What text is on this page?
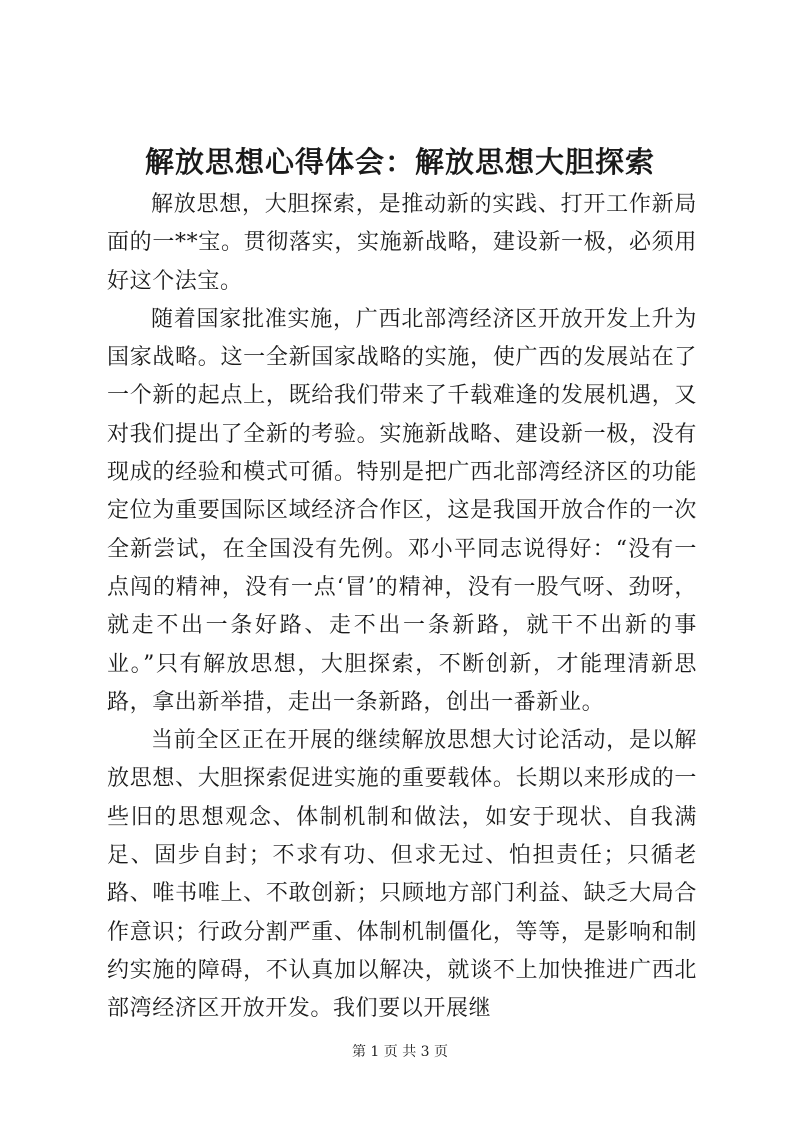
解放思想心得体会：解放思想大胆探索

解放思想，大胆探索，是推动新的实践、打开工作新局面的一**宝。贯彻落实，实施新战略，建设新一极，必须用好这个法宝。

随着国家批准实施，广西北部湾经济区开放开发上升为国家战略。这一全新国家战略的实施，使广西的发展站在了一个新的起点上，既给我们带来了千载难逢的发展机遇，又对我们提出了全新的考验。实施新战略、建设新一极，没有现成的经验和模式可循。特别是把广西北部湾经济区的功能定位为重要国际区域经济合作区，这是我国开放合作的一次全新尝试，在全国没有先例。邓小平同志说得好：“没有一点闯的精神，没有一点‘冒’的精神，没有一股气呀、劲呀，就走不出一条好路、走不出一条新路，就干不出新的事业。”只有解放思想，大胆探索，不断创新，才能理清新思路，拿出新举措，走出一条新路，创出一番新业。

当前全区正在开展的继续解放思想大讨论活动，是以解放思想、大胆探索促进实施的重要载体。长期以来形成的一些旧的思想观念、体制机制和做法，如安于现状、自我满足、固步自封；不求有功、但求无过、怕担责任；只循老路、唯书唯上、不敢创新；只顾地方部门利益、缺乏大局合作意识；行政分割严重、体制机制僵化，等等，是影响和制约实施的障碍，不认真加以解决，就谈不上加快推进广西北部湾经济区开放开发。我们要以开展继

第 1 页 共 3 页
